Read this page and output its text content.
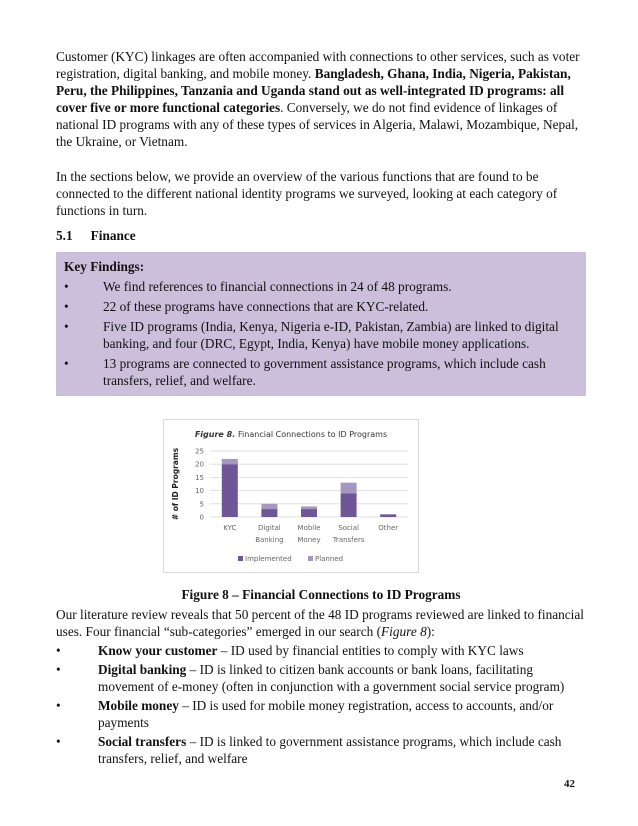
Customer (KYC) linkages are often accompanied with connections to other services, such as voter registration, digital banking, and mobile money. Bangladesh, Ghana, India, Nigeria, Pakistan, Peru, the Philippines, Tanzania and Uganda stand out as well-integrated ID programs: all cover five or more functional categories. Conversely, we do not find evidence of linkages of national ID programs with any of these types of services in Algeria, Malawi, Mozambique, Nepal, the Ukraine, or Vietnam.

In the sections below, we provide an overview of the various functions that are found to be connected to the different national identity programs we surveyed, looking at each category of functions in turn.

5.1 Finance
Key Findings:
•	We find references to financial connections in 24 of 48 programs.
•	22 of these programs have connections that are KYC-related.
•	Five ID programs (India, Kenya, Nigeria e-ID, Pakistan, Zambia) are linked to digital banking, and four (DRC, Egypt, India, Kenya) have mobile money applications.
•	13 programs are connected to government assistance programs, which include cash transfers, relief, and welfare.
Figure 8. Financial Connections to ID Programs
0
5
10
15
20
25
# of ID Programs
KYC	Digital
Banking
Mobile
Money
Social
Transfers
Other
Implemented	Planned
Figure 8 – Financial Connections to ID Programs

Our literature review reveals that 50 percent of the 48 ID programs reviewed are linked to financial uses. Four financial “sub-categories” emerged in our search (Figure 8):

•	Know your customer – ID used by financial entities to comply with KYC laws
•	Digital banking – ID is linked to citizen bank accounts or bank loans, facilitating movement of e-money (often in conjunction with a government social service program)
•	Mobile money – ID is used for mobile money registration, access to accounts, and/or payments
•	Social transfers – ID is linked to government assistance programs, which include cash transfers, relief, and welfare
42
